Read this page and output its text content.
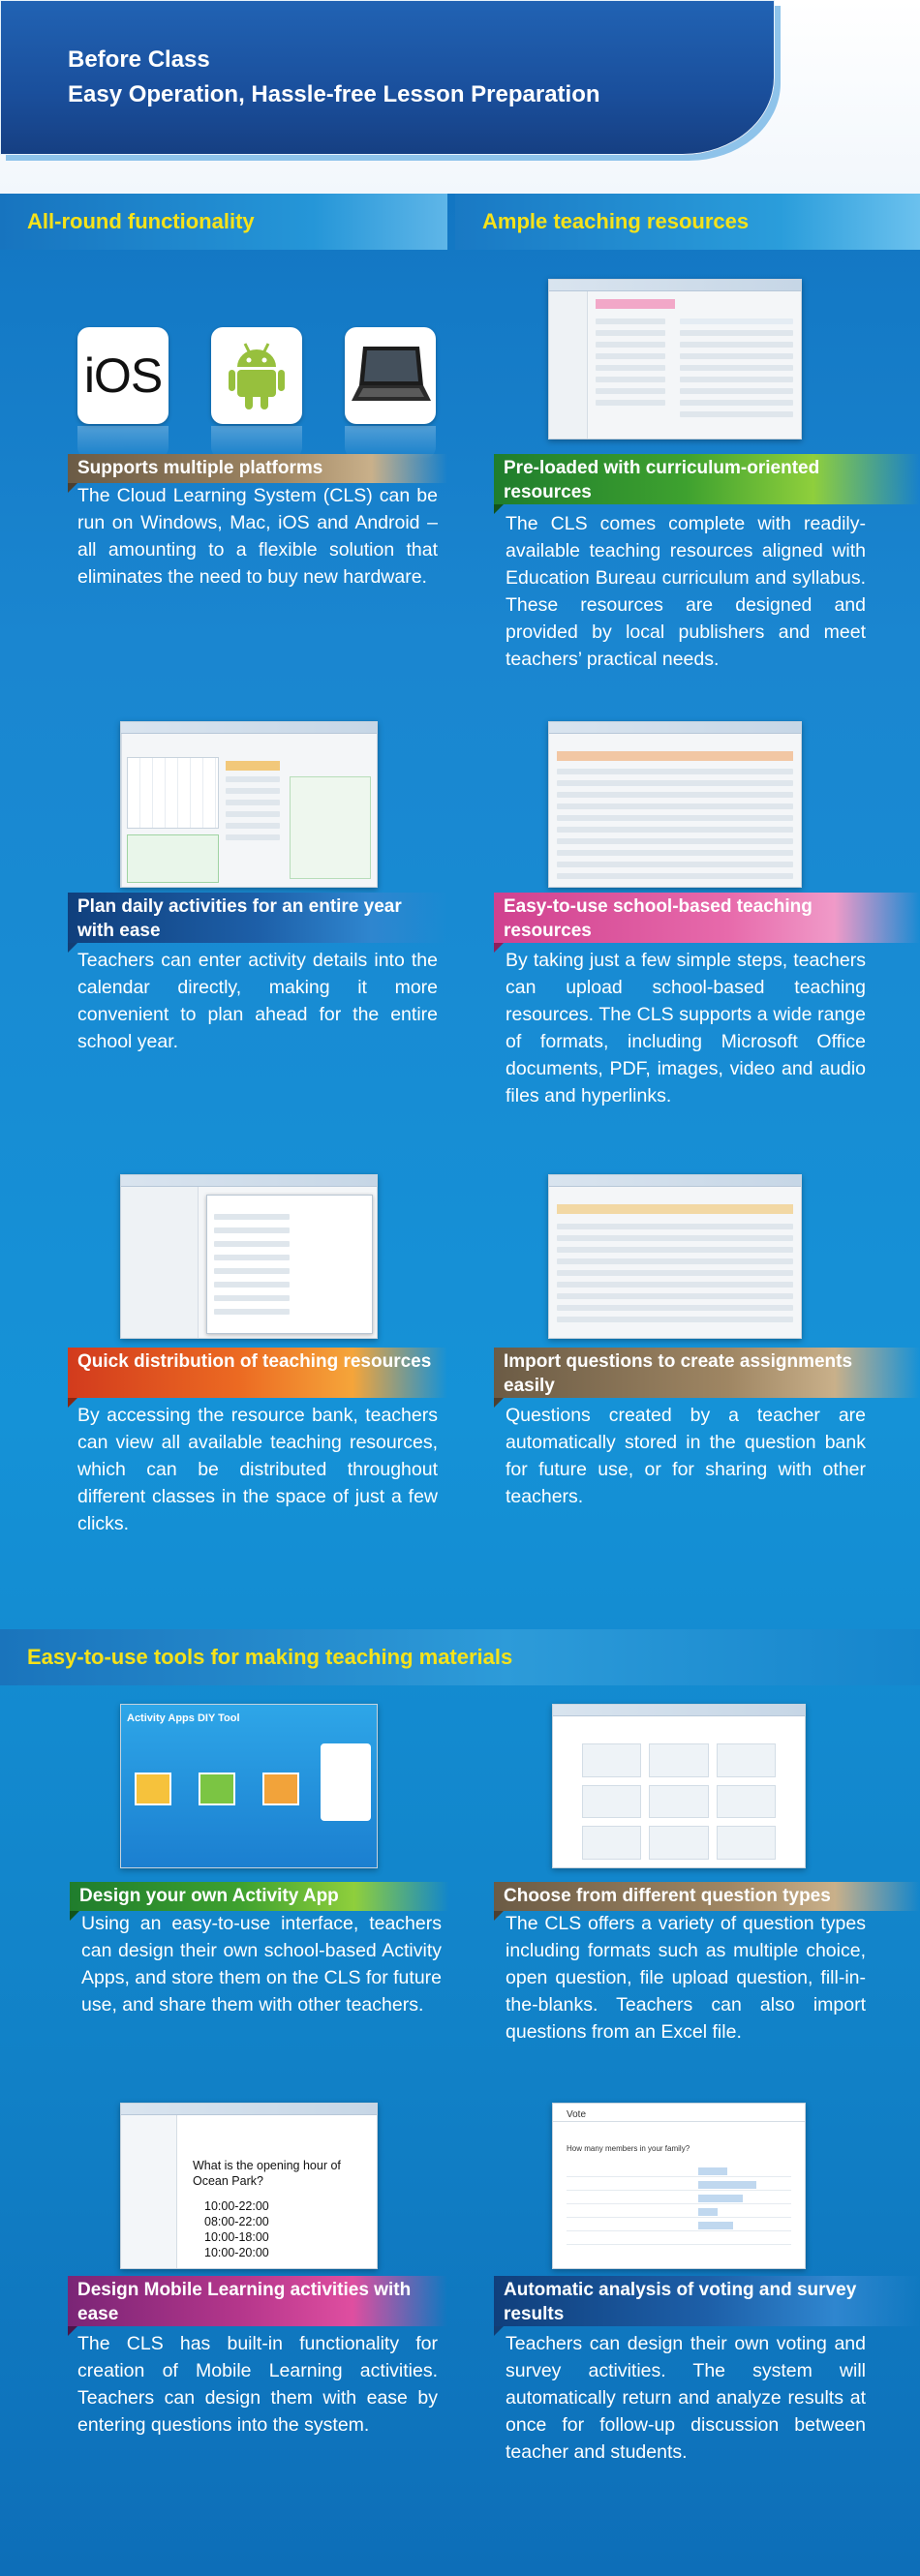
Before Class
Easy Operation, Hassle-free Lesson Preparation
All-round functionality	Ample teaching resources
iOS
Supports multiple platforms
The Cloud Learning System (CLS) can be run on Windows, Mac, iOS and Android – all amounting to a flexible solution that eliminates the need to buy new hardware.
Pre-loaded with curriculum-oriented resources
The CLS comes complete with readily-available teaching resources aligned with Education Bureau curriculum and syllabus. These resources are designed and provided by local publishers and meet teachers’ practical needs.
Plan daily activities for an entire year with ease
Teachers can enter activity details into the calendar directly, making it more convenient to plan ahead for the entire school year.
Easy-to-use school-based teaching resources
By taking just a few simple steps, teachers can upload school-based teaching resources. The CLS supports a wide range of formats, including Microsoft Office documents, PDF, images, video and audio files and hyperlinks.
Quick distribution of teaching resources
By accessing the resource bank, teachers can view all available teaching resources, which can be distributed throughout different classes in the space of just a few clicks.
Import questions to create assignments easily
Questions created by a teacher are automatically stored in the question bank for future use, or for sharing with other teachers.
Easy-to-use tools for making teaching materials
Activity Apps DIY Tool
Design your own Activity App
Using an easy-to-use interface, teachers can design their own school-based Activity Apps, and store them on the CLS for future use, and share them with other teachers.
Choose from different question types
The CLS offers a variety of question types including formats such as multiple choice, open question, file upload question, fill-in-the-blanks. Teachers can also import questions from an Excel file.
What is the opening hour of Ocean Park?
10:00-22:00
08:00-22:00
10:00-18:00
10:00-20:00
Vote
How many members in your family?
Design Mobile Learning activities with ease
The CLS has built-in functionality for creation of Mobile Learning activities. Teachers can design them with ease by entering questions into the system.
Automatic analysis of voting and survey results
Teachers can design their own voting and survey activities. The system will automatically return and analyze results at once for follow-up discussion between teacher and students.
